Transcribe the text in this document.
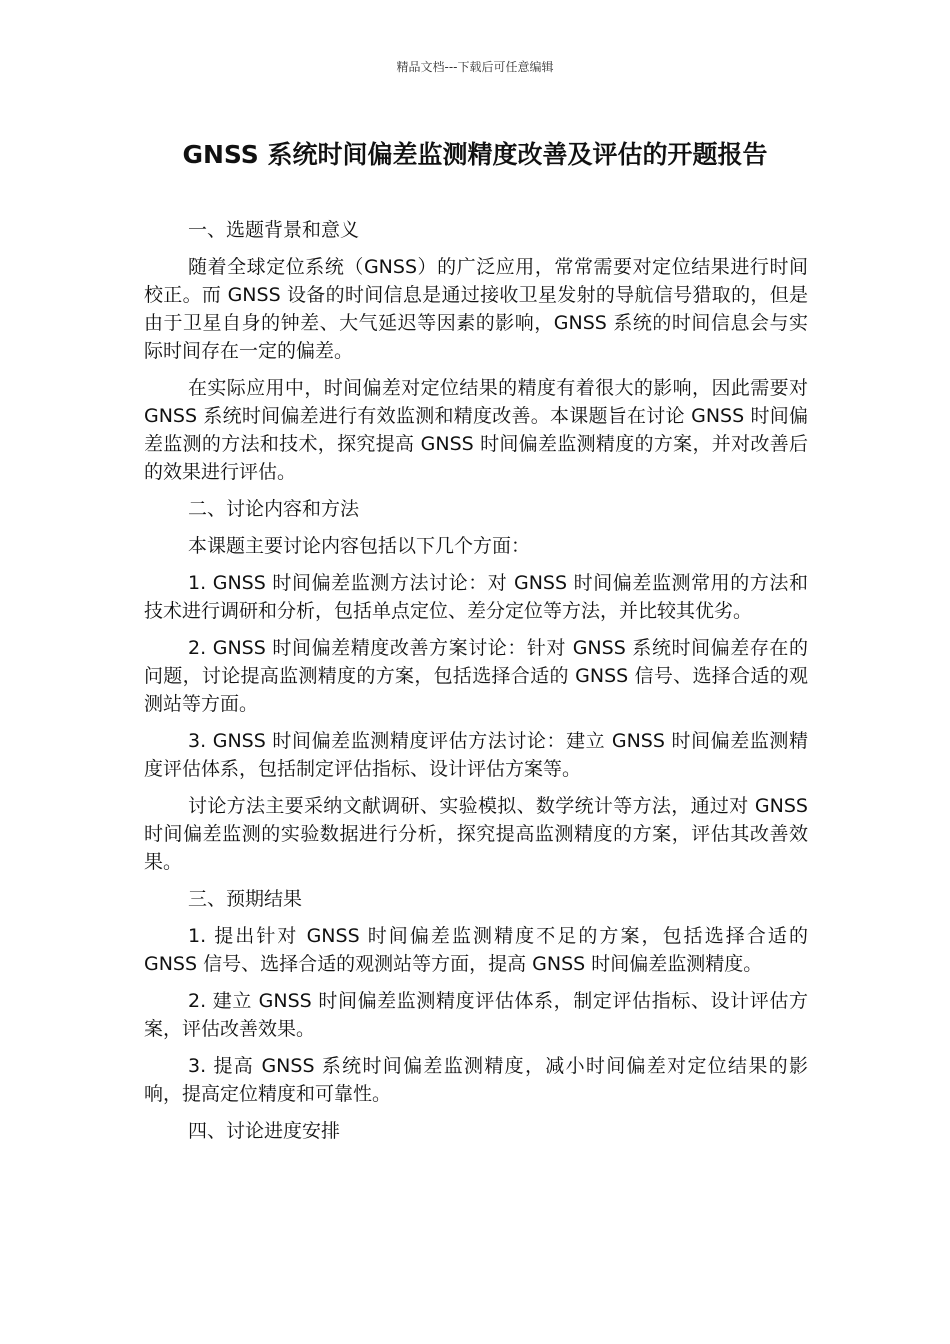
精品文档---下载后可任意编辑
GNSS 系统时间偏差监测精度改善及评估的开题报告

一、选题背景和意义

随着全球定位系统（GNSS）的广泛应用，常常需要对定位结果进行时间校正。而 GNSS 设备的时间信息是通过接收卫星发射的导航信号猎取的，但是由于卫星自身的钟差、大气延迟等因素的影响，GNSS 系统的时间信息会与实际时间存在一定的偏差。

在实际应用中，时间偏差对定位结果的精度有着很大的影响，因此需要对 GNSS 系统时间偏差进行有效监测和精度改善。本课题旨在讨论 GNSS 时间偏差监测的方法和技术，探究提高 GNSS 时间偏差监测精度的方案，并对改善后的效果进行评估。

二、讨论内容和方法

本课题主要讨论内容包括以下几个方面：

1. GNSS 时间偏差监测方法讨论：对 GNSS 时间偏差监测常用的方法和技术进行调研和分析，包括单点定位、差分定位等方法，并比较其优劣。

2. GNSS 时间偏差精度改善方案讨论：针对 GNSS 系统时间偏差存在的问题，讨论提高监测精度的方案，包括选择合适的 GNSS 信号、选择合适的观测站等方面。

3. GNSS 时间偏差监测精度评估方法讨论：建立 GNSS 时间偏差监测精度评估体系，包括制定评估指标、设计评估方案等。

讨论方法主要采纳文献调研、实验模拟、数学统计等方法，通过对 GNSS 时间偏差监测的实验数据进行分析，探究提高监测精度的方案，评估其改善效果。

三、预期结果

1. 提出针对 GNSS 时间偏差监测精度不足的方案，包括选择合适的 GNSS 信号、选择合适的观测站等方面，提高 GNSS 时间偏差监测精度。

2. 建立 GNSS 时间偏差监测精度评估体系，制定评估指标、设计评估方案，评估改善效果。

3. 提高 GNSS 系统时间偏差监测精度，减小时间偏差对定位结果的影响，提高定位精度和可靠性。

四、讨论进度安排
